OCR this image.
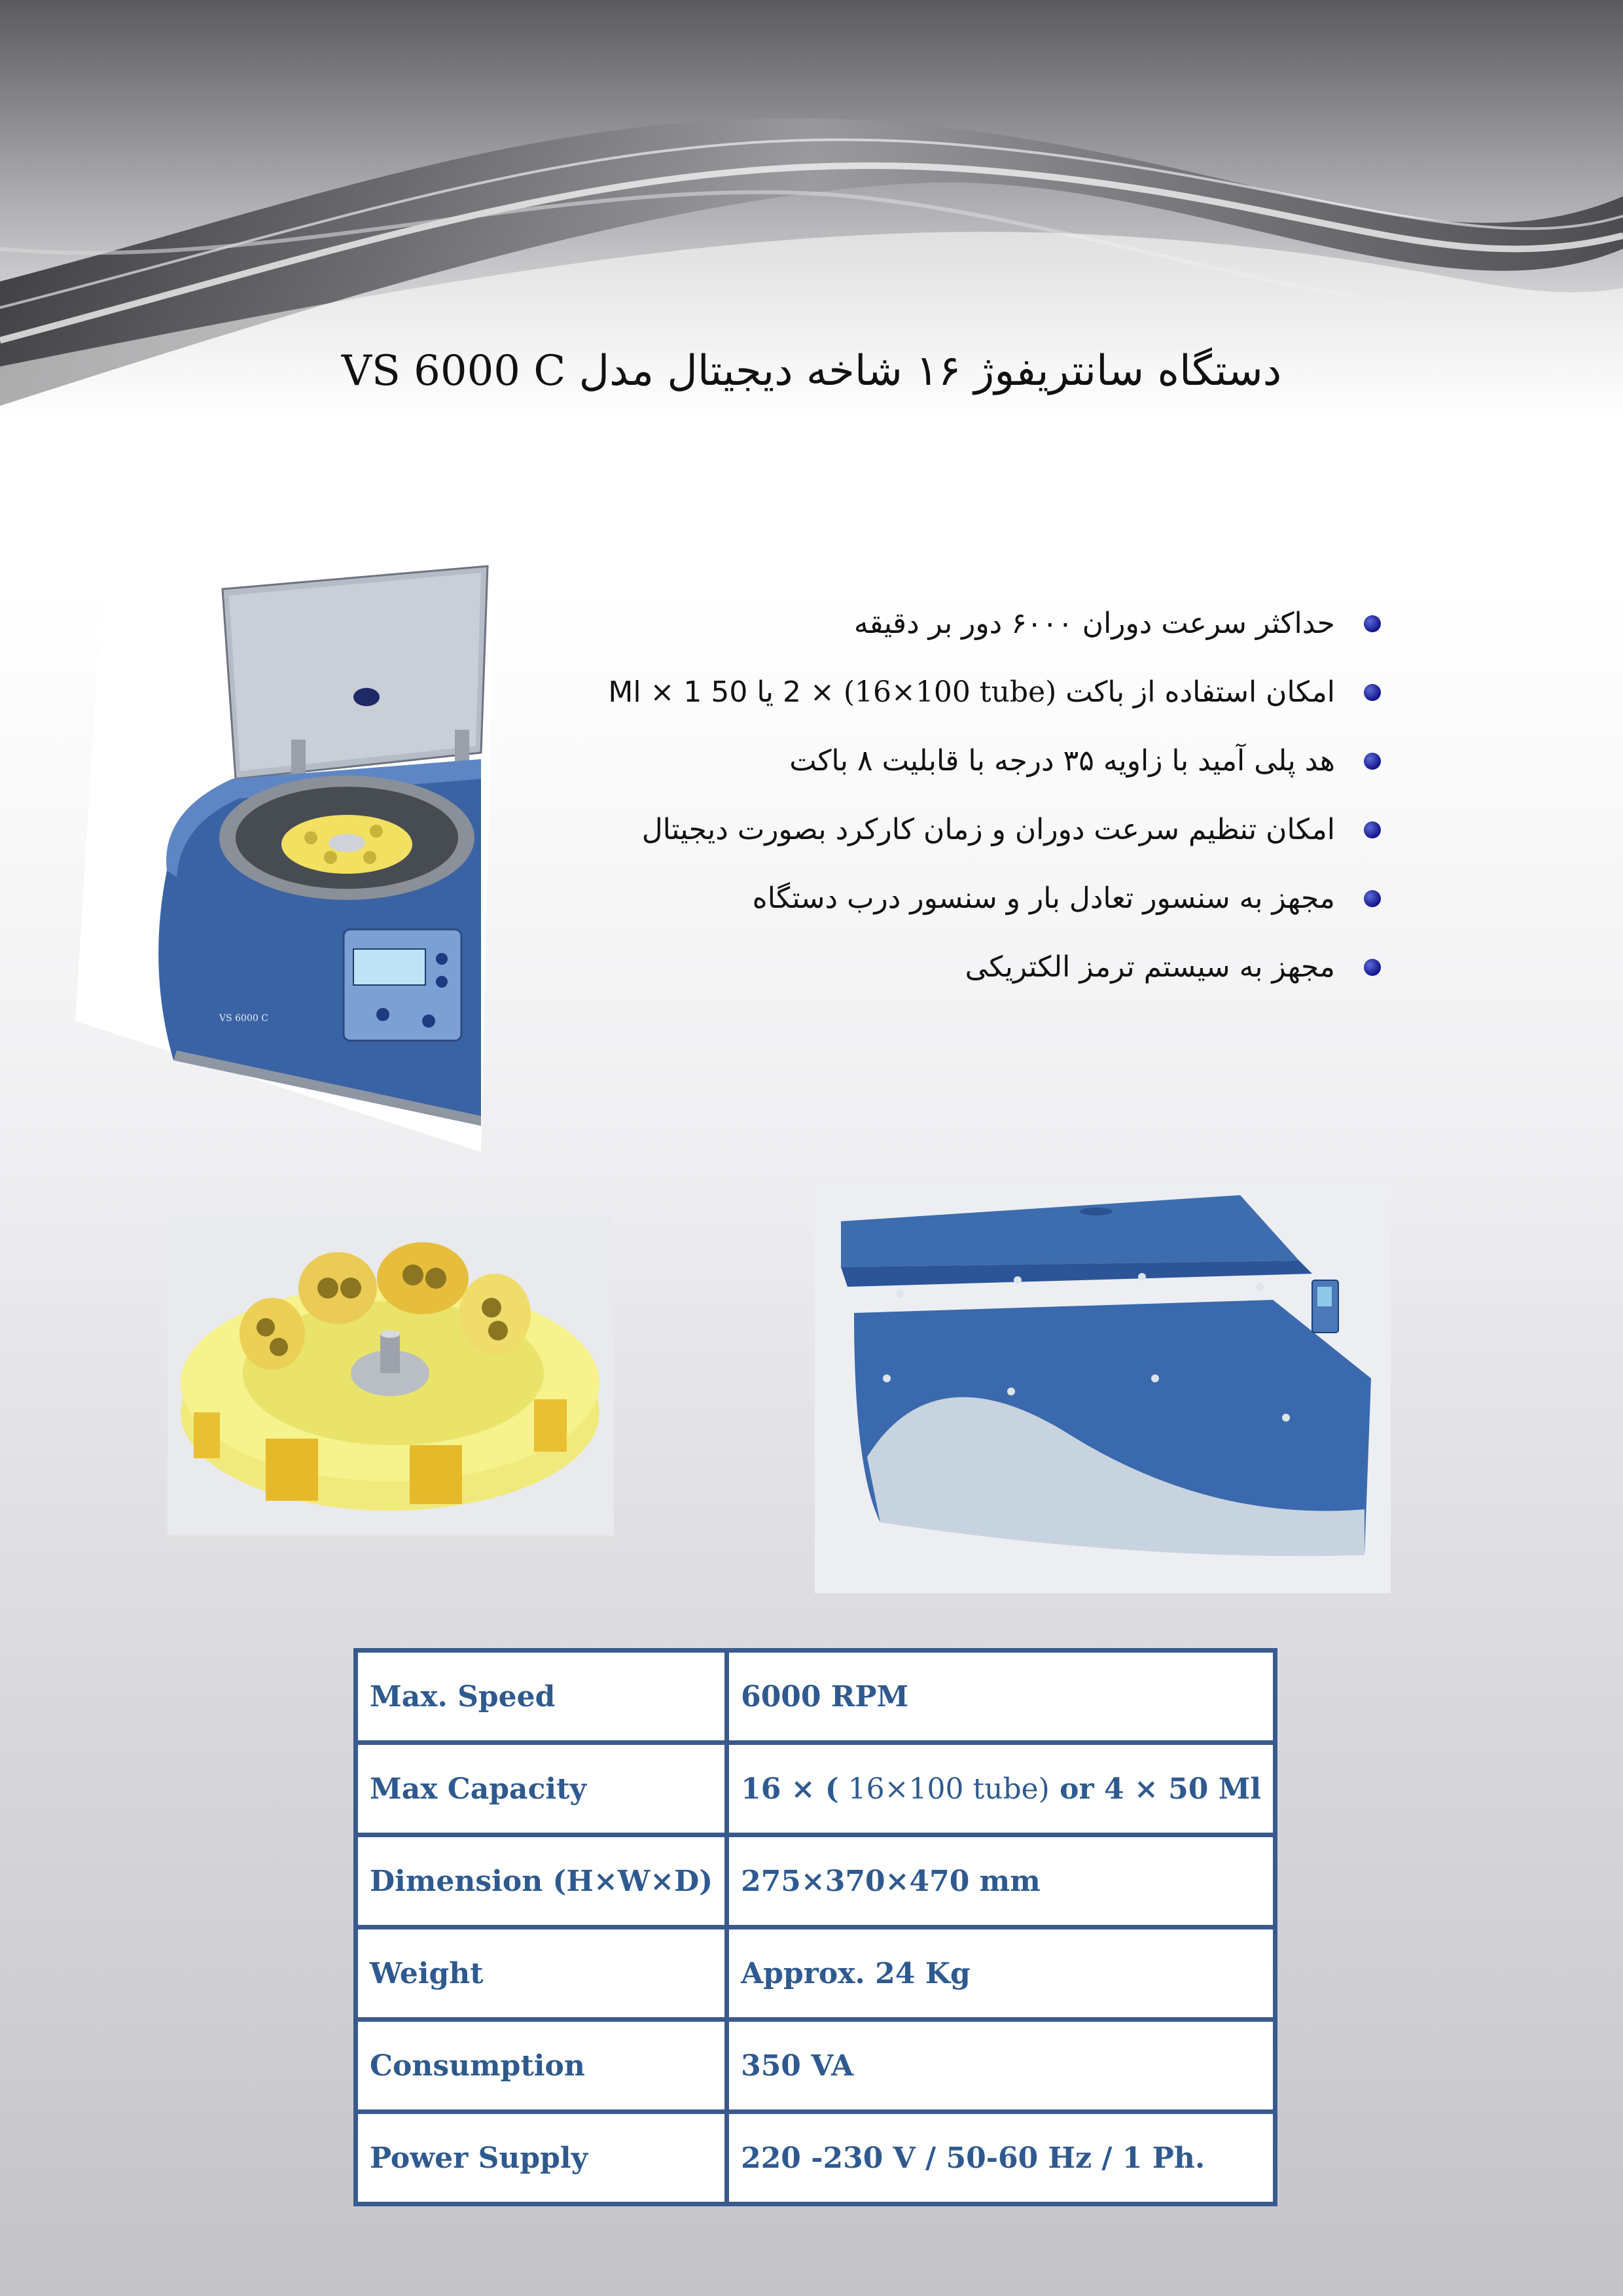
VS 6000 C دستگاه سانتریفوژ ۱۶ شاخه دیجیتال مدل
حداکثر سرعت دوران ۶۰۰۰ دور بر دقیقه
امکان استفاده از باکت (16×100 tube) × 2 یا 50 Ml × 1
هد پلی آمید با زاویه ۳۵ درجه با قابلیت ۸ باکت
امکان تنظیم سرعت دوران و زمان کارکرد بصورت دیجیتال
مجهز به سنسور تعادل بار و سنسور درب دستگاه
مجهز به سیستم ترمز الکتریکی
VS 6000 C
Max. Speed	6000 RPM
Max Capacity	16 × ( 16×100 tube) or 4 × 50 Ml
Dimension (H×W×D)	275×370×470 mm
Weight	Approx. 24 Kg
Consumption	350 VA
Power Supply	220 -230 V / 50-60 Hz / 1 Ph.
